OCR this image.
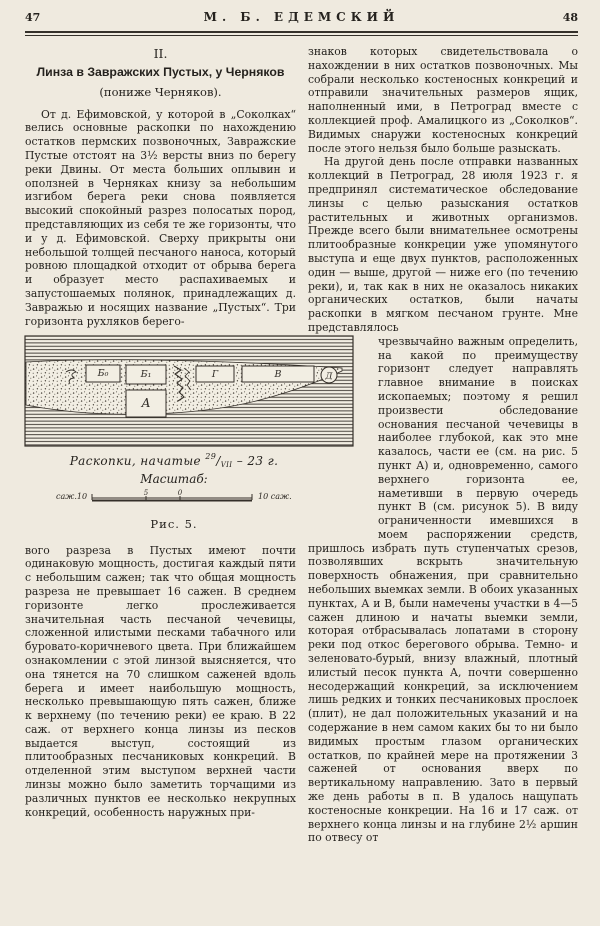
47	М. Б. ЕДЕМСКИЙ	48
II.
Линза в Завражских Пустых, у Черняков
(пониже Черняков).

От д. Ефимовской, у которой в „Соколках“ велись основные раскопки по нахождению остатков пермских позвоночных, Завражские Пустые отстоят на 3½ версты вниз по берегу реки Двины. От места больших оплывин и оползней в Черняках книзу за небольшим изгибом берега реки снова появляется высокий спокойный разрез полосатых пород, представляющих из себя те же горизонты, что и у д. Ефимовской. Сверху прикрыты они небольшой толщей песчаного наноса, который ровною площадкой отходит от обрыва берега и образует место распахиваемых и запустошаемых полянок, принадлежащих д. Завражью и носящих название „Пустых“. Три горизонта рухляков берего-

Б₀	Б₁
А
Г	В	Д
Раскопки, начатые $^{29}$/VII – 23 г.
Масштаб:
саж.10	5	0	10 саж.
Рис. 5.

вого разреза в Пустых имеют почти одинаковую мощность, достигая каждый пяти с небольшим сажен; так что общая мощность разреза не превышает 16 сажен. В среднем горизонте легко прослеживается значительная часть песчаной чечевицы, сложенной илистыми песками табачного или буровато-коричневого цвета. При ближайшем ознакомлении с этой линзой выясняется, что она тянется на 70 слишком саженей вдоль берега и имеет наибольшую мощность, несколько превышающую пять сажен, ближе к верхнему (по течению реки) ее краю. В 22 саж. от верхнего конца линзы из песков выдается выступ, состоящий из плитообразных песчаниковых конкреций. В отделенной этим выступом верхней части линзы можно было заметить торчащими из различных пунктов ее несколько некрупных конкреций, особенность наружных при-

знаков которых свидетельствовала о нахождении в них остатков позвоночных. Мы собрали несколько костеносных конкреций и отправили значительных размеров ящик, наполненный ими, в Петроград вместе с коллекцией проф. Амалицкого из „Соколков“. Видимых снаружи костеносных конкреций после этого нельзя было больше разыскать.

На другой день после отправки названных коллекций в Петроград, 28 июля 1923 г. я предпринял систематическое обследование линзы с целью разыскания остатков растительных и животных организмов. Прежде всего были внимательнее осмотрены плитообразные конкреции уже упомянутого выступа и еще двух пунктов, расположенных один — выше, другой — ниже его (по течению реки), и, так как в них не оказалось никаких органических остатков, были начаты раскопки в мягком песчаном грунте. Мне представлялось

чрезвычайно важным определить, на какой по преимуществу горизонт следует направлять главное внимание в поисках ископаемых; поэтому я решил произвести обследование основания песчаной чечевицы в наиболее глубокой, как это мне казалось, части ее (см. на рис. 5 пункт А) и, одновременно, самого верхнего горизонта ее, наметивши в первую очередь пункт В (см. рисунок 5). В виду ограниченности имевшихся в моем распоряжении средств, пришлось избрать путь ступенчатых срезов, позволявших вскрыть значительную поверхность обнажения, при сравнительно небольших выемках земли. В обоих указанных пунктах, А и В, были намечены участки в 4—5 сажен длиною и начаты выемки земли, которая отбрасывалась лопатами в сторону реки под откос берегового обрыва. Темно- и зеленовато-бурый, внизу влажный, плотный илистый песок пункта А, почти совершенно несодержащий конкреций, за исключением лишь редких и тонких песчаниковых прослоек (плит), не дал положительных указаний и на содержание в нем самом каких бы то ни было видимых простым глазом органических остатков, по крайней мере на протяжении 3 саженей от основания вверх по вертикальному направлению. Зато в первый же день работы в п. В удалось нащупать костеносные конкреции. На 16 и 17 саж. от верхнего конца линзы и на глубине 2½ аршин по отвесу от
